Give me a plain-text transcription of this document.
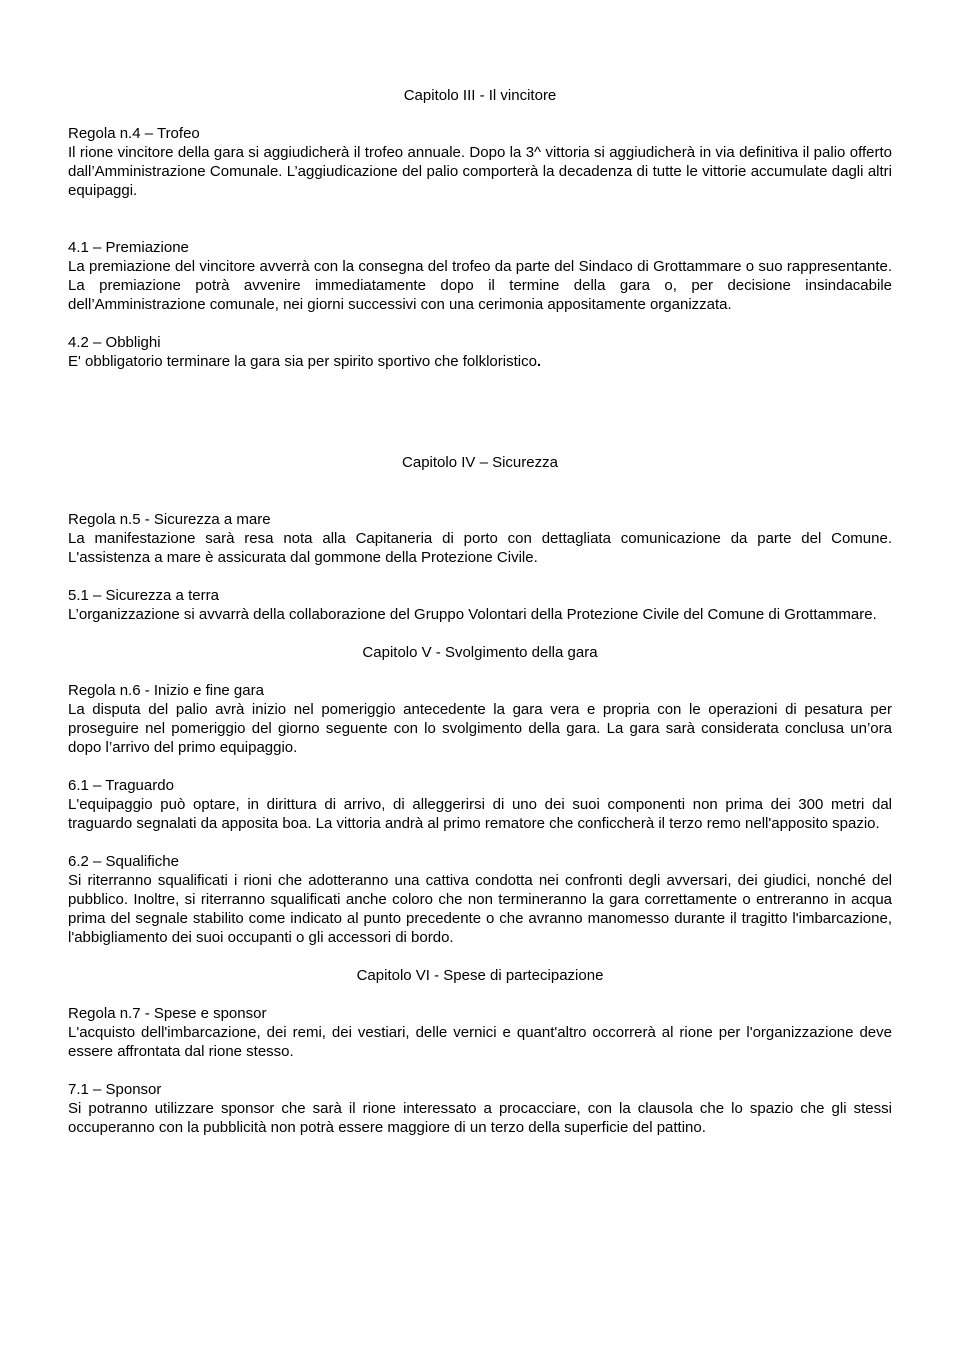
Capitolo III - Il vincitore
Regola n.4 – Trofeo

Il rione vincitore della gara si aggiudicherà il trofeo annuale. Dopo la 3^ vittoria si aggiudicherà in via definitiva il palio offerto dall’Amministrazione Comunale. L’aggiudicazione del palio comporterà la decadenza di tutte le vittorie accumulate dagli altri equipaggi.

4.1 – Premiazione

La premiazione del vincitore avverrà con la consegna del trofeo da parte del Sindaco di Grottammare o suo rappresentante. La premiazione potrà avvenire immediatamente dopo il termine della gara o, per decisione insindacabile dell’Amministrazione comunale, nei giorni successivi con una cerimonia appositamente organizzata.

4.2 – Obblighi

E' obbligatorio terminare la gara sia per spirito sportivo che folkloristico.

Capitolo IV – Sicurezza
Regola n.5 - Sicurezza a mare

La manifestazione sarà resa nota alla Capitaneria di porto con dettagliata comunicazione da parte del Comune. L'assistenza a mare è assicurata dal gommone della Protezione Civile.

5.1 – Sicurezza a terra

L’organizzazione si avvarrà della collaborazione del Gruppo Volontari della Protezione Civile del Comune di Grottammare.

Capitolo V - Svolgimento della gara
Regola n.6 - Inizio e fine gara

La disputa del palio avrà inizio nel pomeriggio antecedente la gara vera e propria con le operazioni di pesatura per proseguire nel pomeriggio del giorno seguente con lo svolgimento della gara. La gara sarà considerata conclusa un’ora dopo l’arrivo del primo equipaggio.

6.1 – Traguardo

L'equipaggio può optare, in dirittura di arrivo, di alleggerirsi di uno dei suoi componenti non prima dei 300 metri dal traguardo segnalati da apposita boa. La vittoria andrà al primo rematore che conficcherà il terzo remo nell'apposito spazio.

6.2 – Squalifiche

Si riterranno squalificati i rioni che adotteranno una cattiva condotta nei confronti degli avversari, dei giudici, nonché del pubblico. Inoltre, si riterranno squalificati anche coloro che non termineranno la gara correttamente o entreranno in acqua prima del segnale stabilito come indicato al punto precedente o che avranno manomesso durante il tragitto l'imbarcazione, l'abbigliamento dei suoi occupanti o gli accessori di bordo.

Capitolo VI - Spese di partecipazione
Regola n.7 - Spese e sponsor

L'acquisto dell'imbarcazione, dei remi, dei vestiari, delle vernici e quant'altro occorrerà al rione per l'organizzazione deve essere affrontata dal rione stesso.

7.1 – Sponsor

Si potranno utilizzare sponsor che sarà il rione interessato a procacciare, con la clausola che lo spazio che gli stessi occuperanno con la pubblicità non potrà essere maggiore di un terzo della superficie del pattino.
